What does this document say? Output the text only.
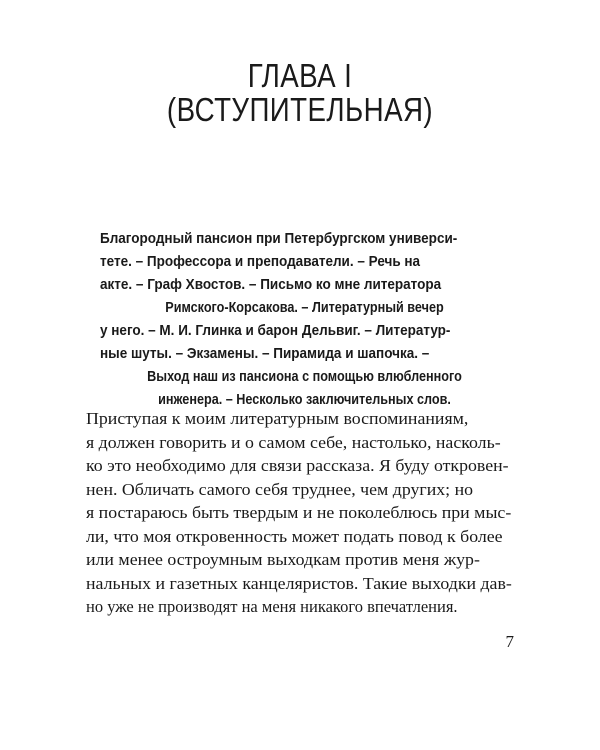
ГЛАВА I
(ВСТУПИТЕЛЬНАЯ)
Благородный пансион при Петербургском универси-
тете. – Профессора и преподаватели. – Речь на
акте. – Граф Хвостов. – Письмо ко мне литератора
Римского-Корсакова. – Литературный вечер
у него. – М. И. Глинка и барон Дельвиг. – Литератур-
ные шуты. – Экзамены. – Пирамида и шапочка. –
Выход наш из пансиона с помощью влюбленного
инженера. – Несколько заключительных слов.
Приступая к моим литературным воспоминаниям,
я должен говорить и о самом себе, настолько, насколь-
ко это необходимо для связи рассказа. Я буду откровен-
нен. Обличать самого себя труднее, чем других; но
я постараюсь быть твердым и не поколеблюсь при мыс-
ли, что моя откровенность может подать повод к более
или менее остроумным выходкам против меня жур-
нальных и газетных канцеляристов. Такие выходки дав-
но уже не производят на меня никакого впечатления.
7
